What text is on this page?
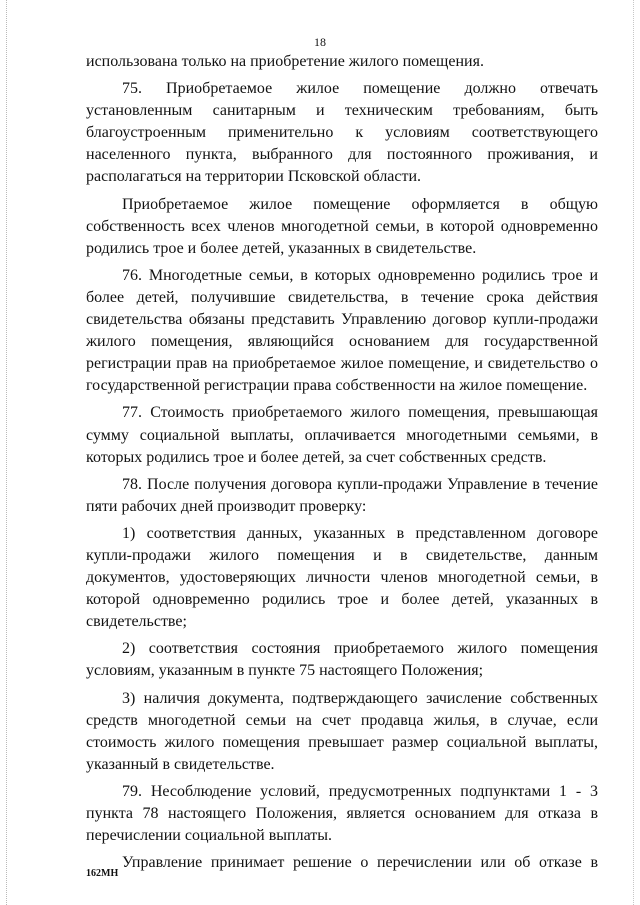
18

использована только на приобретение жилого помещения.

75. Приобретаемое жилое помещение должно отвечать установленным санитарным и техническим требованиям, быть благоустроенным применительно к условиям соответствующего населенного пункта, выбранного для постоянного проживания, и располагаться на территории Псковской области.

Приобретаемое жилое помещение оформляется в общую собственность всех членов многодетной семьи, в которой одновременно родились трое и более детей, указанных в свидетельстве.

76. Многодетные семьи, в которых одновременно родились трое и более детей, получившие свидетельства, в течение срока действия свидетельства обязаны представить Управлению договор купли-продажи жилого помещения, являющийся основанием для государственной регистрации прав на приобретаемое жилое помещение, и свидетельство о государственной регистрации права собственности на жилое помещение.

77. Стоимость приобретаемого жилого помещения, превышающая сумму социальной выплаты, оплачивается многодетными семьями, в которых родились трое и более детей, за счет собственных средств.

78. После получения договора купли-продажи Управление в течение пяти рабочих дней производит проверку:

1) соответствия данных, указанных в представленном договоре купли-продажи жилого помещения и в свидетельстве, данным документов, удостоверяющих личности членов многодетной семьи, в которой одновременно родились трое и более детей, указанных в свидетельстве;

2) соответствия состояния приобретаемого жилого помещения условиям, указанным в пункте 75 настоящего Положения;

3) наличия документа, подтверждающего зачисление собственных средств многодетной семьи на счет продавца жилья, в случае, если стоимость жилого помещения превышает размер социальной выплаты, указанный в свидетельстве.

79. Несоблюдение условий, предусмотренных подпунктами 1 - 3 пункта 78 настоящего Положения, является основанием для отказа в перечислении социальной выплаты.

Управление принимает решение о перечислении или об отказе в

162МН
